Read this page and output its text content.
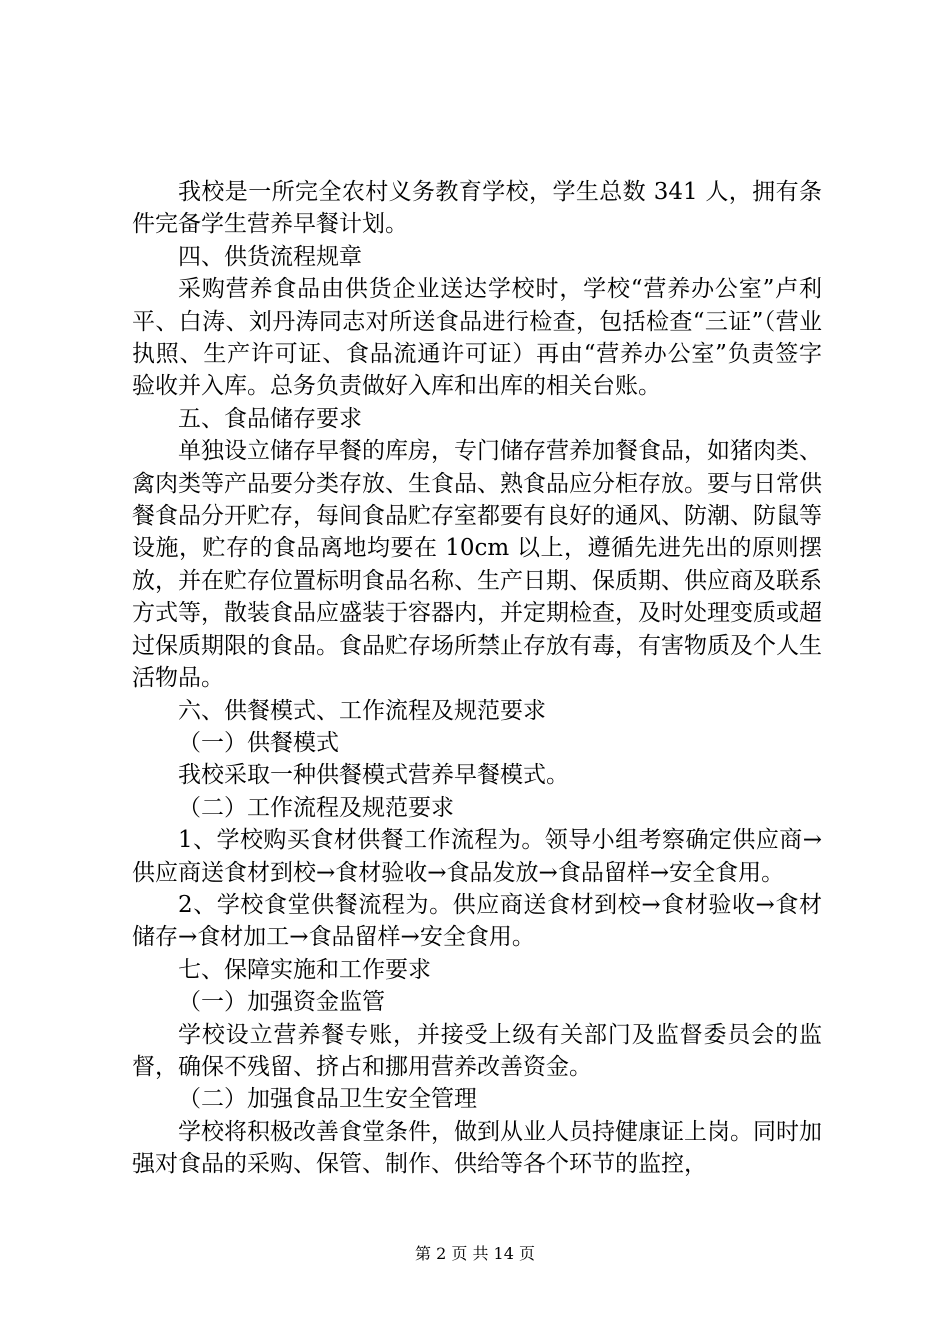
我校是一所完全农村义务教育学校，学生总数 341 人，拥有条件完备学生营养早餐计划。

四、供货流程规章

采购营养食品由供货企业送达学校时，学校“营养办公室”卢利平、白涛、刘丹涛同志对所送食品进行检查，包括检查“三证”（营业执照、生产许可证、食品流通许可证）再由“营养办公室”负责签字验收并入库。总务负责做好入库和出库的相关台账。

五、食品储存要求

单独设立储存早餐的库房，专门储存营养加餐食品，如猪肉类、禽肉类等产品要分类存放、生食品、熟食品应分柜存放。要与日常供餐食品分开贮存，每间食品贮存室都要有良好的通风、防潮、防鼠等设施，贮存的食品离地均要在 10cm 以上，遵循先进先出的原则摆放，并在贮存位置标明食品名称、生产日期、保质期、供应商及联系方式等，散装食品应盛装于容器内，并定期检查，及时处理变质或超过保质期限的食品。食品贮存场所禁止存放有毒，有害物质及个人生活物品。

六、供餐模式、工作流程及规范要求

（一）供餐模式

我校采取一种供餐模式营养早餐模式。

（二）工作流程及规范要求

1、学校购买食材供餐工作流程为。领导小组考察确定供应商→供应商送食材到校→食材验收→食品发放→食品留样→安全食用。

2、学校食堂供餐流程为。供应商送食材到校→食材验收→食材储存→食材加工→食品留样→安全食用。

七、保障实施和工作要求

（一）加强资金监管

学校设立营养餐专账，并接受上级有关部门及监督委员会的监督，确保不残留、挤占和挪用营养改善资金。

（二）加强食品卫生安全管理

学校将积极改善食堂条件，做到从业人员持健康证上岗。同时加强对食品的采购、保管、制作、供给等各个环节的监控，

第 2 页 共 14 页
